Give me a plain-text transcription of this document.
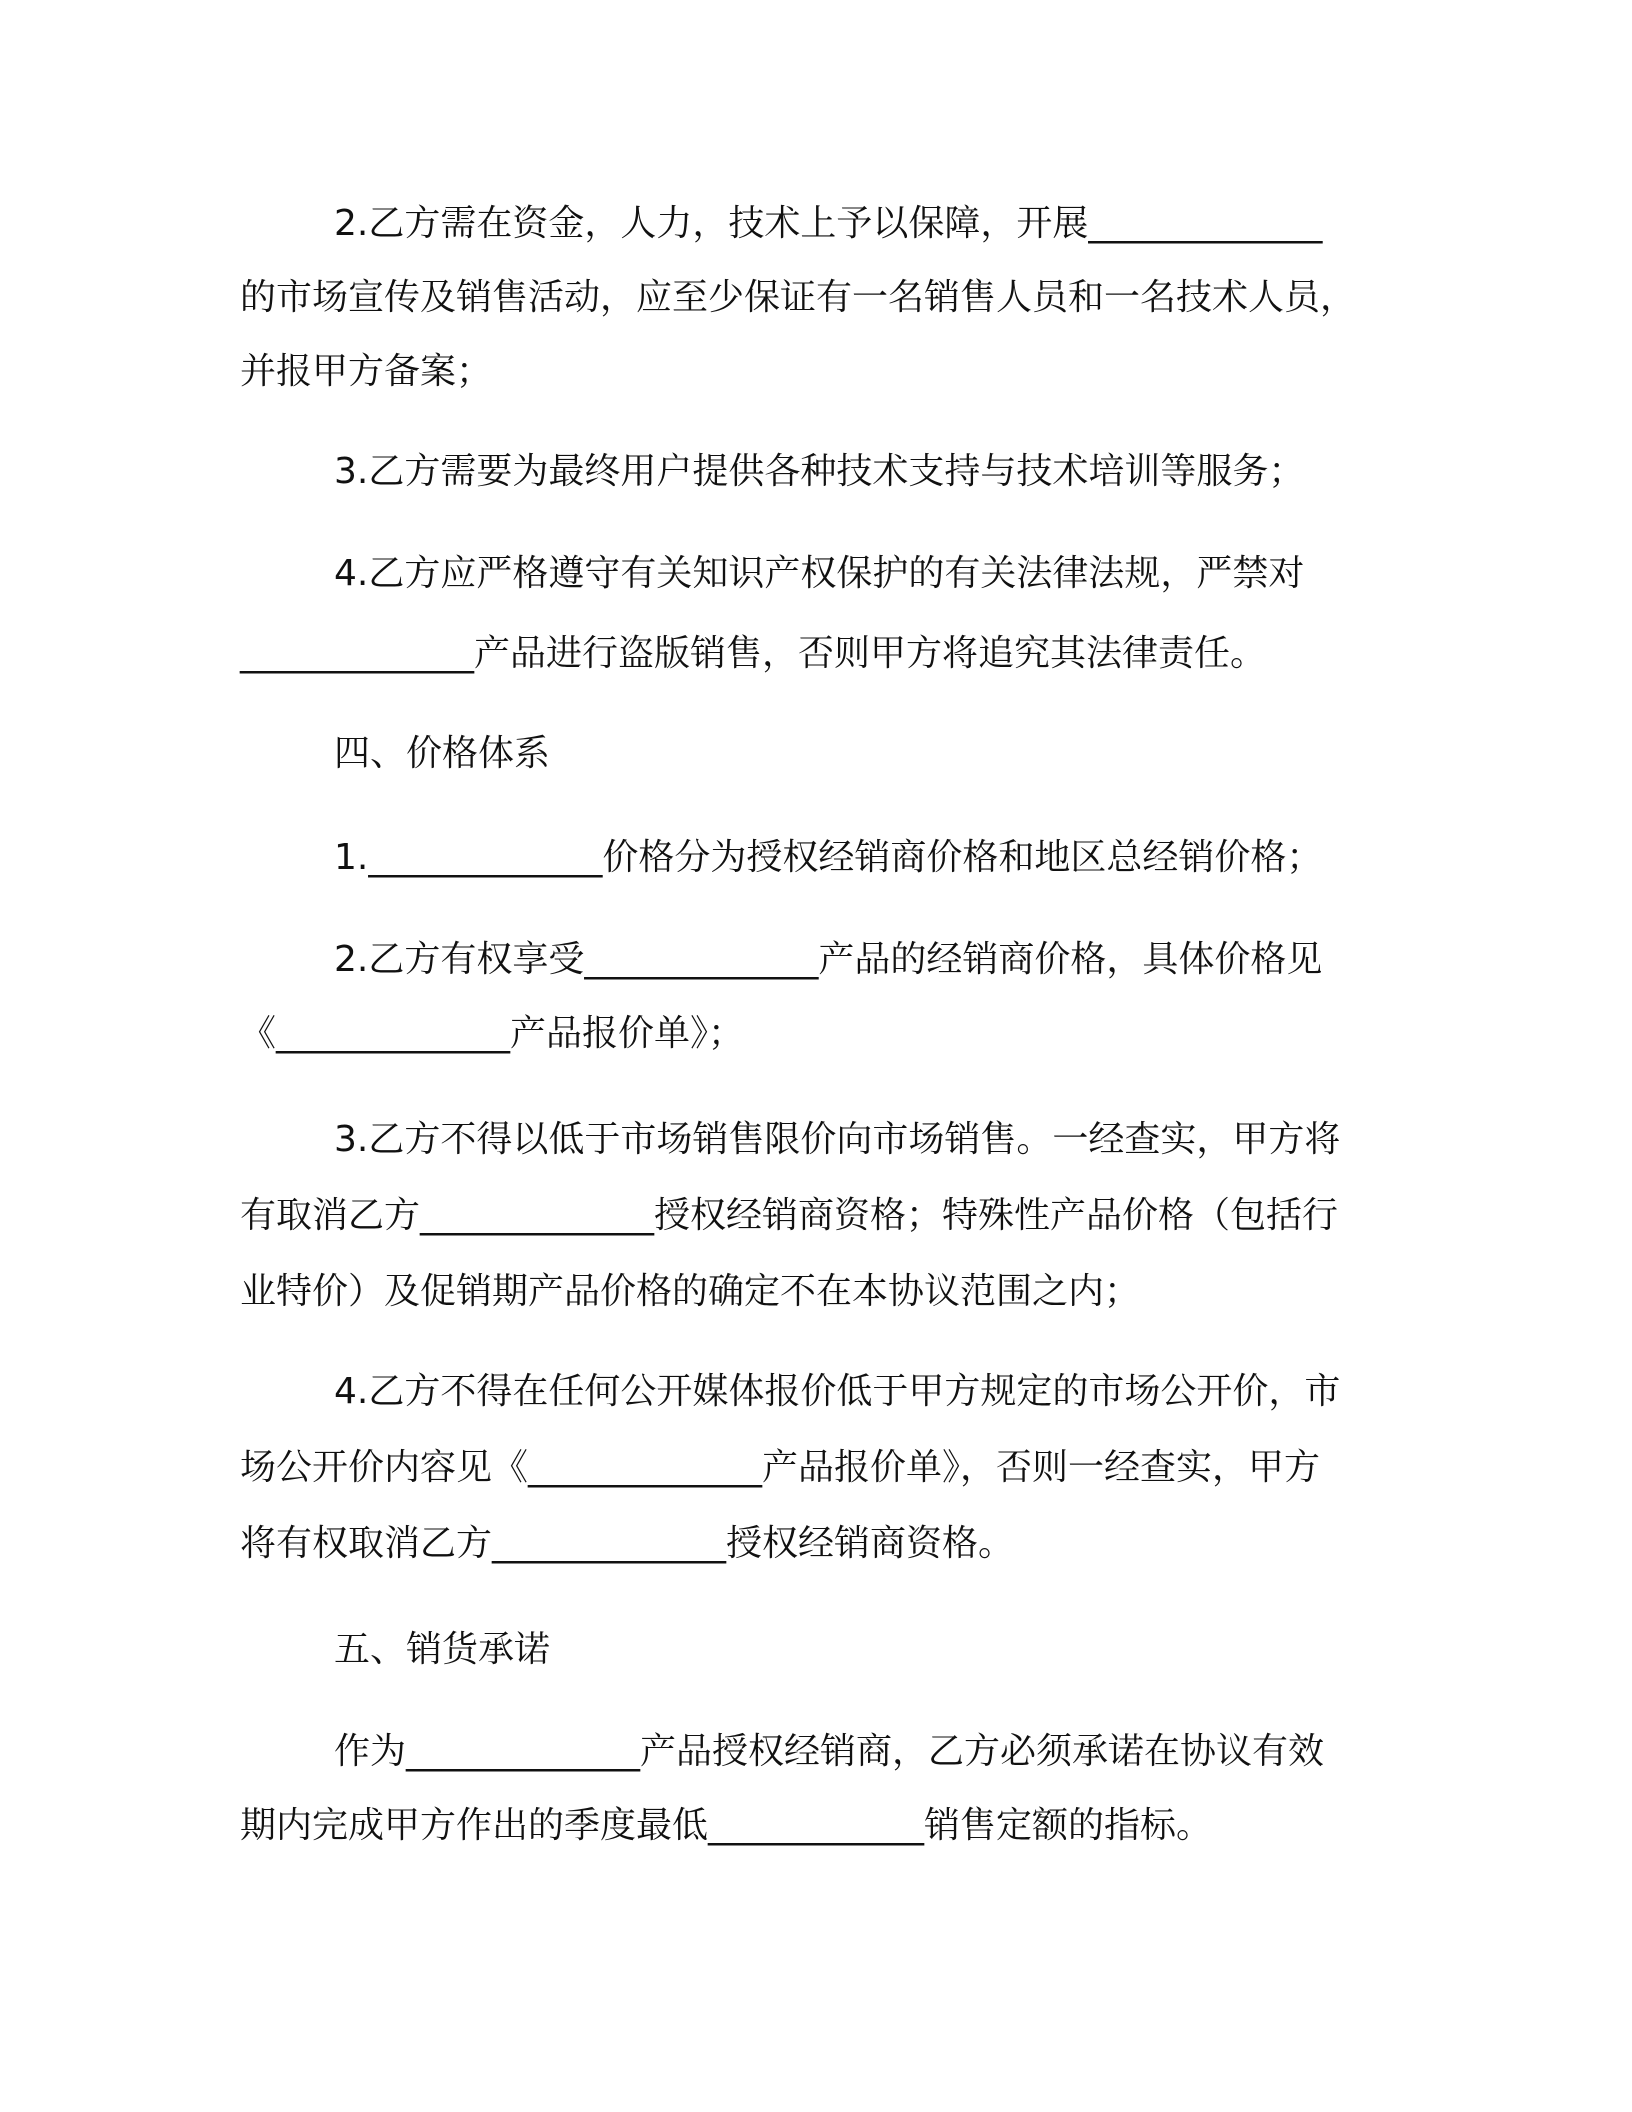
2.乙方需在资金，人力，技术上予以保障，开展_____________
的市场宣传及销售活动，应至少保证有一名销售人员和一名技术人员，
并报甲方备案；
3.乙方需要为最终用户提供各种技术支持与技术培训等服务；
4.乙方应严格遵守有关知识产权保护的有关法律法规，严禁对
_____________产品进行盗版销售，否则甲方将追究其法律责任。
四、价格体系
1._____________价格分为授权经销商价格和地区总经销价格；
2.乙方有权享受_____________产品的经销商价格，具体价格见
《_____________产品报价单》；
3.乙方不得以低于市场销售限价向市场销售。一经查实，甲方将
有取消乙方_____________授权经销商资格；特殊性产品价格（包括行
业特价）及促销期产品价格的确定不在本协议范围之内；
4.乙方不得在任何公开媒体报价低于甲方规定的市场公开价，市
场公开价内容见《_____________产品报价单》，否则一经查实，甲方
将有权取消乙方_____________授权经销商资格。
五、销货承诺
作为_____________产品授权经销商，乙方必须承诺在协议有效
期内完成甲方作出的季度最低____________销售定额的指标。
